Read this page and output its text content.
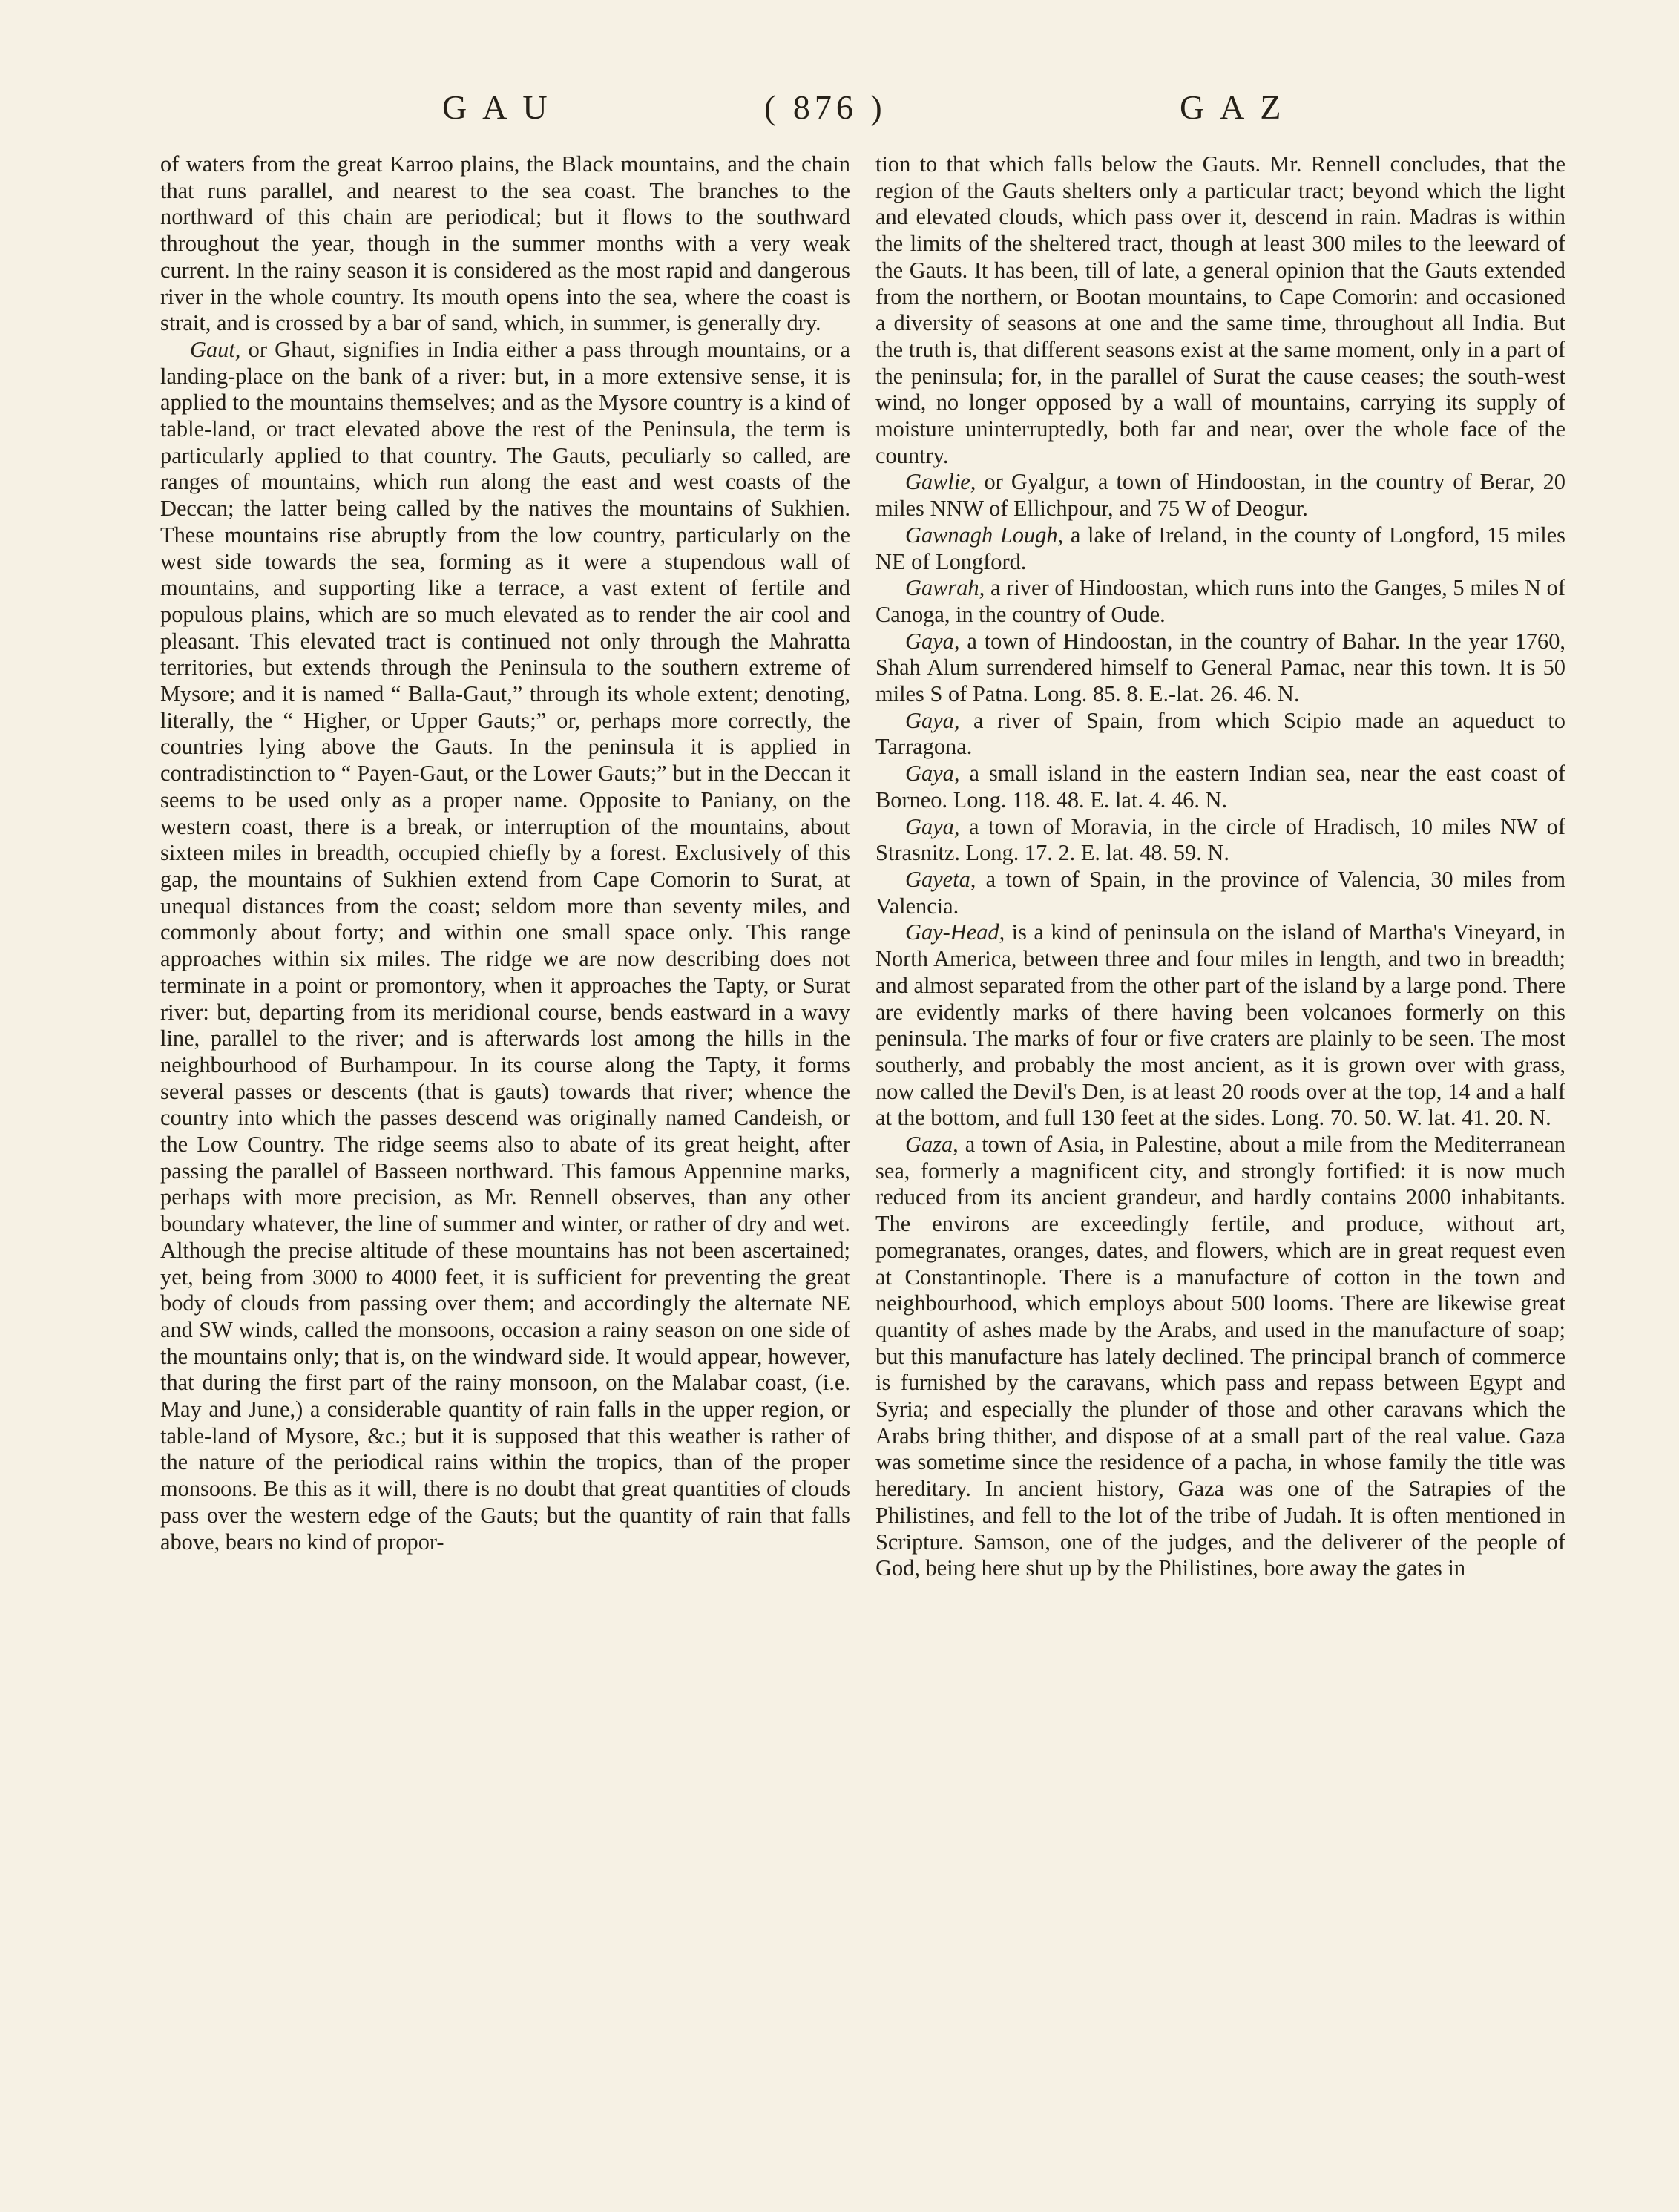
G A U	( 876 )	G A Z

of waters from the great Karroo plains, the Black mountains, and the chain that runs parallel, and nearest to the sea coast. The branches to the northward of this chain are periodical; but it flows to the southward throughout the year, though in the summer months with a very weak current. In the rainy season it is considered as the most rapid and dangerous river in the whole country. Its mouth opens into the sea, where the coast is strait, and is crossed by a bar of sand, which, in summer, is generally dry.

Gaut, or Ghaut, signifies in India either a pass through mountains, or a landing-place on the bank of a river: but, in a more extensive sense, it is applied to the mountains themselves; and as the Mysore country is a kind of table-land, or tract elevated above the rest of the Peninsula, the term is particularly applied to that country. The Gauts, peculiarly so called, are ranges of mountains, which run along the east and west coasts of the Deccan; the latter being called by the natives the mountains of Sukhien. These mountains rise abruptly from the low country, particularly on the west side towards the sea, forming as it were a stupendous wall of mountains, and supporting like a terrace, a vast extent of fertile and populous plains, which are so much elevated as to render the air cool and pleasant. This elevated tract is continued not only through the Mahratta territories, but extends through the Peninsula to the southern extreme of Mysore; and it is named “ Balla-Gaut,” through its whole extent; denoting, literally, the “ Higher, or Upper Gauts;” or, perhaps more correctly, the countries lying above the Gauts. In the peninsula it is applied in contradistinction to “ Payen-Gaut, or the Lower Gauts;” but in the Deccan it seems to be used only as a proper name. Opposite to Paniany, on the western coast, there is a break, or interruption of the mountains, about sixteen miles in breadth, occupied chiefly by a forest. Exclusively of this gap, the mountains of Sukhien extend from Cape Comorin to Surat, at unequal distances from the coast; seldom more than seventy miles, and commonly about forty; and within one small space only. This range approaches within six miles. The ridge we are now describing does not terminate in a point or promontory, when it approaches the Tapty, or Surat river: but, departing from its meridional course, bends eastward in a wavy line, parallel to the river; and is afterwards lost among the hills in the neighbourhood of Burhampour. In its course along the Tapty, it forms several passes or descents (that is gauts) towards that river; whence the country into which the passes descend was originally named Candeish, or the Low Country. The ridge seems also to abate of its great height, after passing the parallel of Basseen northward. This famous Appennine marks, perhaps with more precision, as Mr. Rennell observes, than any other boundary whatever, the line of summer and winter, or rather of dry and wet. Although the precise altitude of these mountains has not been ascertained; yet, being from 3000 to 4000 feet, it is sufficient for preventing the great body of clouds from passing over them; and accordingly the alternate NE and SW winds, called the monsoons, occasion a rainy season on one side of the mountains only; that is, on the windward side. It would appear, however, that during the first part of the rainy monsoon, on the Malabar coast, (i.e. May and June,) a considerable quantity of rain falls in the upper region, or table-land of Mysore, &c.; but it is supposed that this weather is rather of the nature of the periodical rains within the tropics, than of the proper monsoons. Be this as it will, there is no doubt that great quantities of clouds pass over the western edge of the Gauts; but the quantity of rain that falls above, bears no kind of propor-

tion to that which falls below the Gauts. Mr. Rennell concludes, that the region of the Gauts shelters only a particular tract; beyond which the light and elevated clouds, which pass over it, descend in rain. Madras is within the limits of the sheltered tract, though at least 300 miles to the leeward of the Gauts. It has been, till of late, a general opinion that the Gauts extended from the northern, or Bootan mountains, to Cape Comorin: and occasioned a diversity of seasons at one and the same time, throughout all India. But the truth is, that different seasons exist at the same moment, only in a part of the peninsula; for, in the parallel of Surat the cause ceases; the south-west wind, no longer opposed by a wall of mountains, carrying its supply of moisture uninterruptedly, both far and near, over the whole face of the country.

Gawlie, or Gyalgur, a town of Hindoostan, in the country of Berar, 20 miles NNW of Ellichpour, and 75 W of Deogur.

Gawnagh Lough, a lake of Ireland, in the county of Longford, 15 miles NE of Longford.

Gawrah, a river of Hindoostan, which runs into the Ganges, 5 miles N of Canoga, in the country of Oude.

Gaya, a town of Hindoostan, in the country of Bahar. In the year 1760, Shah Alum surrendered himself to General Pamac, near this town. It is 50 miles S of Patna. Long. 85. 8. E.-lat. 26. 46. N.

Gaya, a river of Spain, from which Scipio made an aqueduct to Tarragona.

Gaya, a small island in the eastern Indian sea, near the east coast of Borneo. Long. 118. 48. E. lat. 4. 46. N.

Gaya, a town of Moravia, in the circle of Hradisch, 10 miles NW of Strasnitz. Long. 17. 2. E. lat. 48. 59. N.

Gayeta, a town of Spain, in the province of Valencia, 30 miles from Valencia.

Gay-Head, is a kind of peninsula on the island of Martha's Vineyard, in North America, between three and four miles in length, and two in breadth; and almost separated from the other part of the island by a large pond. There are evidently marks of there having been volcanoes formerly on this peninsula. The marks of four or five craters are plainly to be seen. The most southerly, and probably the most ancient, as it is grown over with grass, now called the Devil's Den, is at least 20 roods over at the top, 14 and a half at the bottom, and full 130 feet at the sides. Long. 70. 50. W. lat. 41. 20. N.

Gaza, a town of Asia, in Palestine, about a mile from the Mediterranean sea, formerly a magnificent city, and strongly fortified: it is now much reduced from its ancient grandeur, and hardly contains 2000 inhabitants. The environs are exceedingly fertile, and produce, without art, pomegranates, oranges, dates, and flowers, which are in great request even at Constantinople. There is a manufacture of cotton in the town and neighbourhood, which employs about 500 looms. There are likewise great quantity of ashes made by the Arabs, and used in the manufacture of soap; but this manufacture has lately declined. The principal branch of commerce is furnished by the caravans, which pass and repass between Egypt and Syria; and especially the plunder of those and other caravans which the Arabs bring thither, and dispose of at a small part of the real value. Gaza was sometime since the residence of a pacha, in whose family the title was hereditary. In ancient history, Gaza was one of the Satrapies of the Philistines, and fell to the lot of the tribe of Judah. It is often mentioned in Scripture. Samson, one of the judges, and the deliverer of the people of God, being here shut up by the Philistines, bore away the gates in
